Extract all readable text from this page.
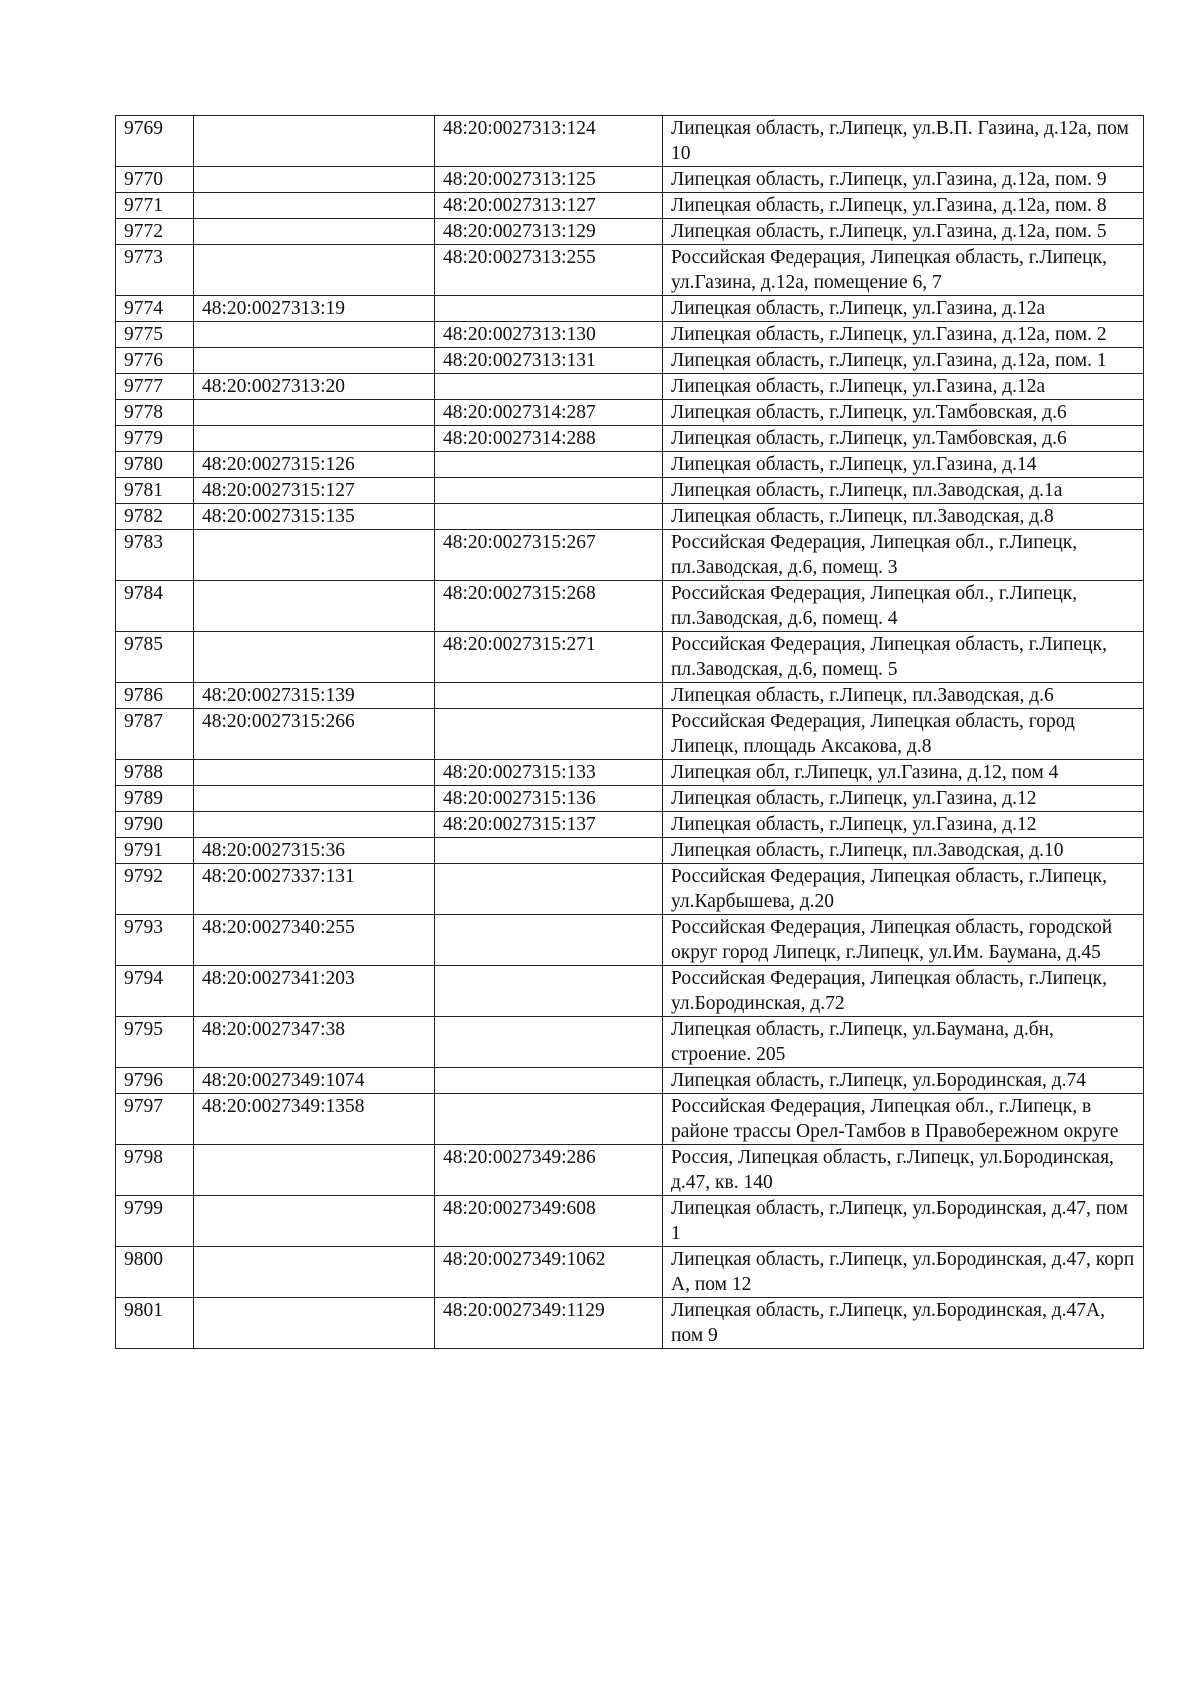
9769		48:20:0027313:124	Липецкая область, г.Липецк, ул.В.П. Газина, д.12а, пом 10
9770		48:20:0027313:125	Липецкая область, г.Липецк, ул.Газина, д.12а, пом. 9
9771		48:20:0027313:127	Липецкая область, г.Липецк, ул.Газина, д.12а, пом. 8
9772		48:20:0027313:129	Липецкая область, г.Липецк, ул.Газина, д.12а, пом. 5
9773		48:20:0027313:255	Российская Федерация, Липецкая область, г.Липецк, ул.Газина, д.12а, помещение 6, 7
9774	48:20:0027313:19		Липецкая область, г.Липецк, ул.Газина, д.12а
9775		48:20:0027313:130	Липецкая область, г.Липецк, ул.Газина, д.12а, пом. 2
9776		48:20:0027313:131	Липецкая область, г.Липецк, ул.Газина, д.12а, пом. 1
9777	48:20:0027313:20		Липецкая область, г.Липецк, ул.Газина, д.12а
9778		48:20:0027314:287	Липецкая область, г.Липецк, ул.Тамбовская, д.6
9779		48:20:0027314:288	Липецкая область, г.Липецк, ул.Тамбовская, д.6
9780	48:20:0027315:126		Липецкая область, г.Липецк, ул.Газина, д.14
9781	48:20:0027315:127		Липецкая область, г.Липецк, пл.Заводская, д.1а
9782	48:20:0027315:135		Липецкая область, г.Липецк, пл.Заводская, д.8
9783		48:20:0027315:267	Российская Федерация, Липецкая обл., г.Липецк, пл.Заводская, д.6, помещ. 3
9784		48:20:0027315:268	Российская Федерация, Липецкая обл., г.Липецк, пл.Заводская, д.6, помещ. 4
9785		48:20:0027315:271	Российская Федерация, Липецкая область, г.Липецк, пл.Заводская, д.6, помещ. 5
9786	48:20:0027315:139		Липецкая область, г.Липецк, пл.Заводская, д.6
9787	48:20:0027315:266		Российская Федерация, Липецкая область, город Липецк, площадь Аксакова, д.8
9788		48:20:0027315:133	Липецкая обл, г.Липецк, ул.Газина, д.12, пом 4
9789		48:20:0027315:136	Липецкая область, г.Липецк, ул.Газина, д.12
9790		48:20:0027315:137	Липецкая область, г.Липецк, ул.Газина, д.12
9791	48:20:0027315:36		Липецкая область, г.Липецк, пл.Заводская, д.10
9792	48:20:0027337:131		Российская Федерация, Липецкая область, г.Липецк, ул.Карбышева, д.20
9793	48:20:0027340:255		Российская Федерация, Липецкая область, городской округ город Липецк, г.Липецк, ул.Им. Баумана, д.45
9794	48:20:0027341:203		Российская Федерация, Липецкая область, г.Липецк, ул.Бородинская, д.72
9795	48:20:0027347:38		Липецкая область, г.Липецк, ул.Баумана, д.бн, строение. 205
9796	48:20:0027349:1074		Липецкая область, г.Липецк, ул.Бородинская, д.74
9797	48:20:0027349:1358		Российская Федерация, Липецкая обл., г.Липецк, в районе трассы Орел-Тамбов в Правобережном округе
9798		48:20:0027349:286	Россия, Липецкая область, г.Липецк, ул.Бородинская, д.47, кв. 140
9799		48:20:0027349:608	Липецкая область, г.Липецк, ул.Бородинская, д.47, пом 1
9800		48:20:0027349:1062	Липецкая область, г.Липецк, ул.Бородинская, д.47, корп А, пом 12
9801		48:20:0027349:1129	Липецкая область, г.Липецк, ул.Бородинская, д.47А, пом 9
